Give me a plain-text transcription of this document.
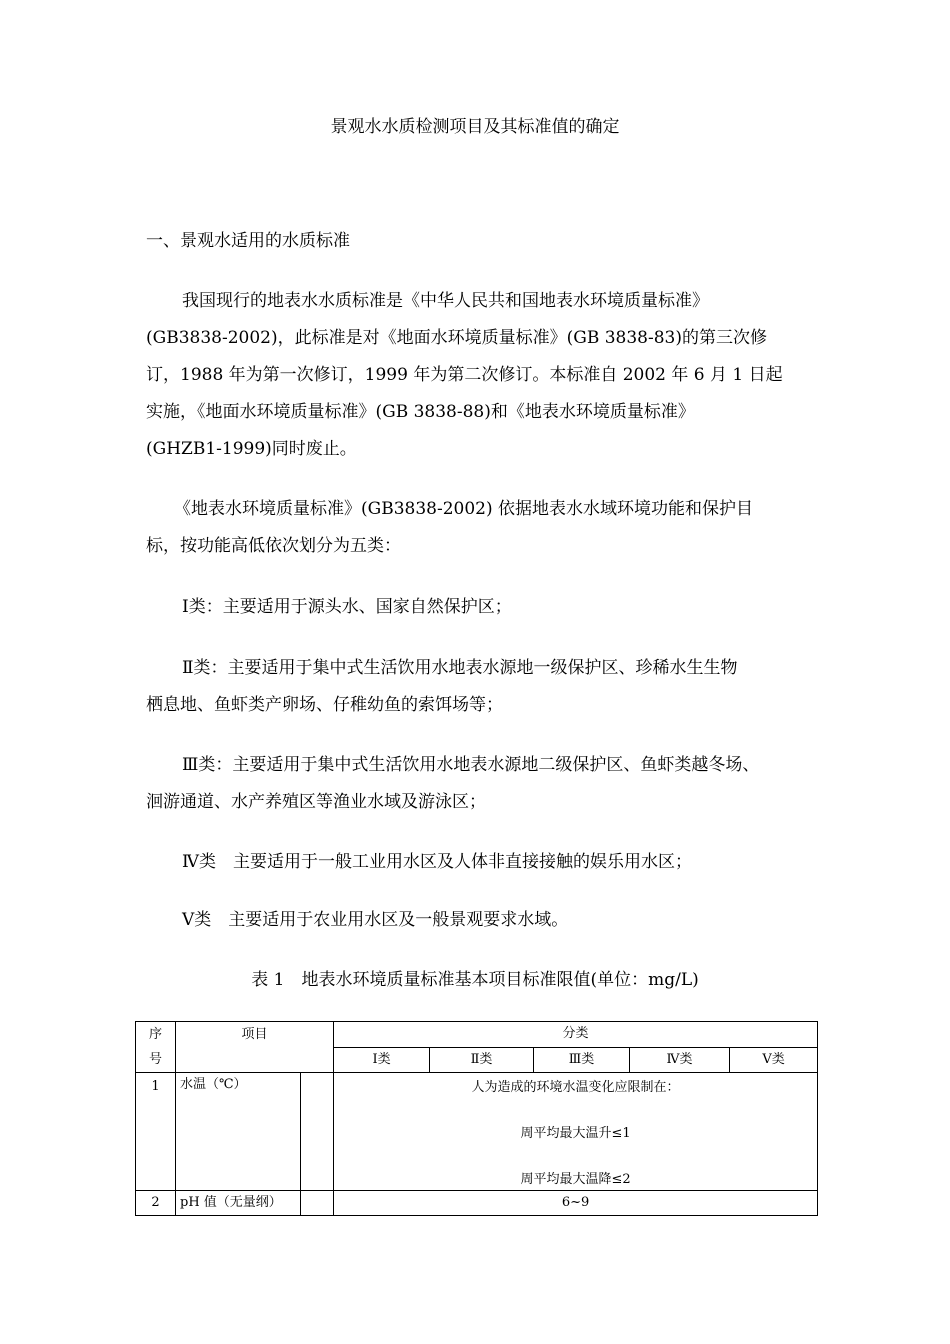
景观水水质检测项目及其标准值的确定
一、景观水适用的水质标准
我国现行的地表水水质标准是《中华人民共和国地表水环境质量标准》
(GB3838-2002)，此标准是对《地面水环境质量标准》(GB 3838-83)的第三次修
订，1988 年为第一次修订，1999 年为第二次修订。本标准自 2002 年 6 月 1 日起
实施，《地面水环境质量标准》(GB 3838-88)和《地表水环境质量标准》
(GHZB1-1999)同时废止。
《地表水环境质量标准》(GB3838-2002) 依据地表水水域环境功能和保护目
标，按功能高低依次划分为五类：
Ⅰ类：主要适用于源头水、国家自然保护区；
Ⅱ类：主要适用于集中式生活饮用水地表水源地一级保护区、珍稀水生生物
栖息地、鱼虾类产卵场、仔稚幼鱼的索饵场等；
Ⅲ类：主要适用于集中式生活饮用水地表水源地二级保护区、鱼虾类越冬场、
洄游通道、水产养殖区等渔业水域及游泳区；
Ⅳ类　主要适用于一般工业用水区及人体非直接接触的娱乐用水区；
Ⅴ类　主要适用于农业用水区及一般景观要求水域。
表 1　地表水环境质量标准基本项目标准限值(单位：mg/L)
序
号	项目		分类				
			Ⅰ类	Ⅱ类	Ⅲ类	Ⅳ类	Ⅴ类
1	水温（℃）		人为造成的环境水温变化应限制在：
周平均最大温升≤1
周平均最大温降≤2				

2	pH 值（无量纲）		6~9				
